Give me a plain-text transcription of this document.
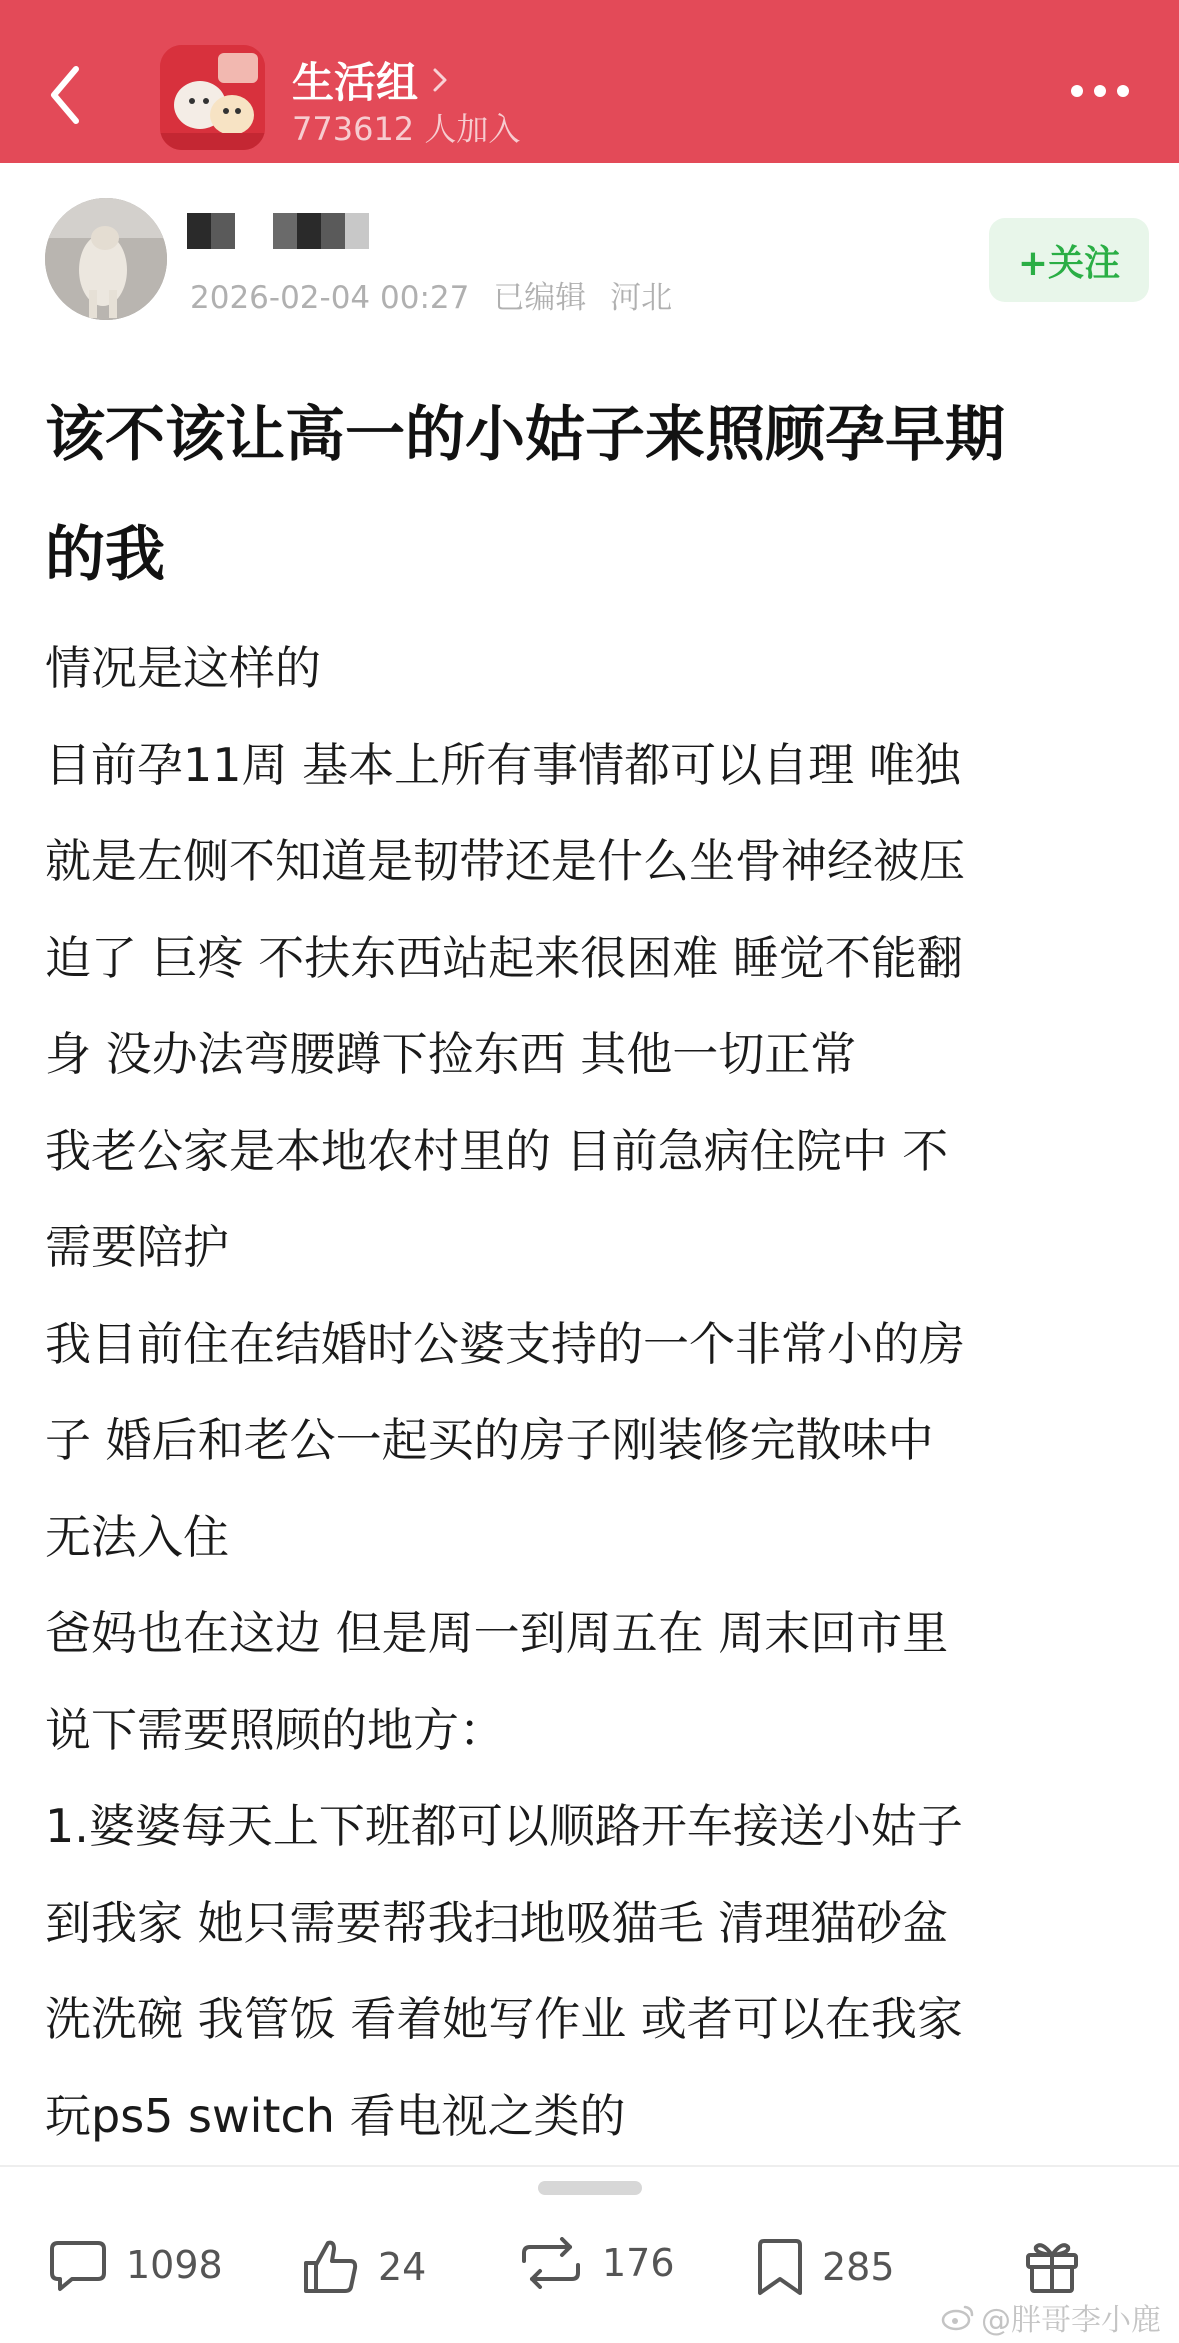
生活组
773612 人加入
2026-02-04 00:27 已编辑 河北
+关注
该不该让高一的小姑子来照顾孕早期
的我

情况是这样的

目前孕11周 基本上所有事情都可以自理 唯独

就是左侧不知道是韧带还是什么坐骨神经被压

迫了 巨疼 不扶东西站起来很困难 睡觉不能翻

身 没办法弯腰蹲下捡东西 其他一切正常

我老公家是本地农村里的 目前急病住院中 不

需要陪护

我目前住在结婚时公婆支持的一个非常小的房

子 婚后和老公一起买的房子刚装修完散味中

无法入住

爸妈也在这边 但是周一到周五在 周末回市里

说下需要照顾的地方：

1.婆婆每天上下班都可以顺路开车接送小姑子

到我家 她只需要帮我扫地吸猫毛 清理猫砂盆

洗洗碗 我管饭 看着她写作业 或者可以在我家

玩ps5 switch 看电视之类的

1098	24	176	285
@胖哥李小鹿
